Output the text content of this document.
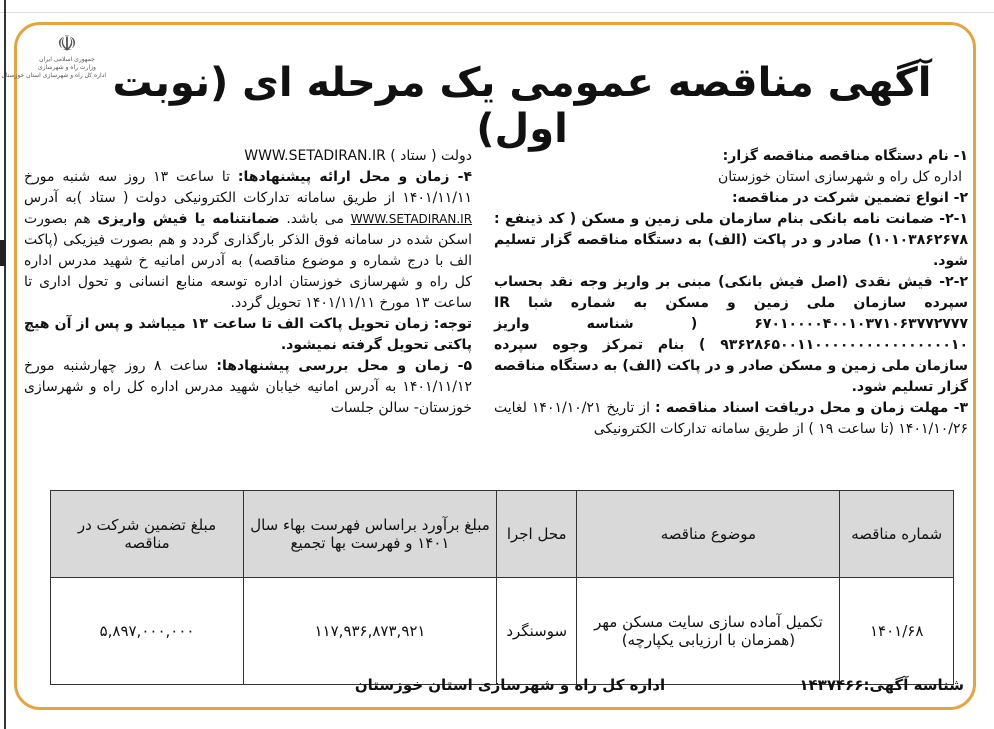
☫
جمهوری اسلامی ایران
وزارت راه و شهرسازی
اداره کل راه و شهرسازی استان خوزستان آگهی مناقصه عمومی یک مرحله ای (نوبت اول)

۱- نام دستگاه مناقصه مناقصه گزار:

اداره کل راه و شهرسازی استان خوزستان

۲- انواع تضمین شرکت در مناقصه:

۲-۱- ضمانت نامه بانکی بنام سازمان ملی زمین و مسکن ( کد ذینفع : ۱۰۱۰۳۸۶۲۶۷۸) صادر و در پاکت (الف) به دستگاه مناقصه گزار تسلیم شود.

۲-۲- فیش نقدی (اصل فیش بانکی) مبنی بر واریز وجه نقد بحساب سپرده سازمان ملی زمین و مسکن به شماره شبا IR ۶۷۰۱۰۰۰۰۴۰۰۱۰۳۷۱۰۶۳۷۷۲۷۷۷ ( شناسه واریز ۹۳۶۲۸۶۵۰۰۱۱۰۰۰۰۰۰۰۰۰۰۰۰۰۰۰۰۱۰ ) بنام تمرکز وجوه سپرده سازمان ملی زمین و مسکن صادر و در پاکت (الف) به دستگاه مناقصه گزار تسلیم شود.

۳- مهلت زمان و محل دریافت اسناد مناقصه : از تاریخ ۱۴۰۱/۱۰/۲۱ لغایت ۱۴۰۱/۱۰/۲۶ (تا ساعت ۱۹ ) از طریق سامانه تدارکات الکترونیکی

دولت ( ستاد ) WWW.SETADIRAN.IR

۴- زمان و محل ارائه پیشنهادها: تا ساعت ۱۳ روز سه شنبه مورخ ۱۴۰۱/۱۱/۱۱ از طریق سامانه تدارکات الکترونیکی دولت ( ستاد )به آدرس WWW.SETADIRAN.IR می باشد. ضمانتنامه یا فیش واریزی هم بصورت اسکن شده در سامانه فوق الذکر بارگذاری گردد و هم بصورت فیزیکی (پاکت الف با درج شماره و موضوع مناقصه) به آدرس امانیه خ شهید مدرس اداره کل راه و شهرسازی خوزستان اداره توسعه منابع انسانی و تحول اداری تا ساعت ۱۳ مورخ ۱۴۰۱/۱۱/۱۱ تحویل گردد.

توجه: زمان تحویل پاکت الف تا ساعت ۱۳ میباشد و پس از آن هیچ پاکتی تحویل گرفته نمیشود.

۵- زمان و محل بررسی پیشنهادها: ساعت ۸ روز چهارشنبه مورخ ۱۴۰۱/۱۱/۱۲ به آدرس امانیه خیابان شهید مدرس اداره کل راه و شهرسازی خوزستان- سالن جلسات

شماره مناقصه	موضوع مناقصه	محل اجرا	مبلغ برآورد براساس فهرست بهاء سال ۱۴۰۱ و فهرست بها تجمیع	مبلغ تضمین شرکت در مناقصه
۱۴۰۱/۶۸	تکمیل آماده سازی سایت مسکن مهر (همزمان با ارزیابی یکپارچه)	سوسنگرد	۱۱۷,۹۳۶,۸۷۳,۹۲۱	۵,۸۹۷,۰۰۰,۰۰۰
شناسه آگهی:۱۴۳۷۴۶۶
اداره کل راه و شهرسازی استان خوزستان
